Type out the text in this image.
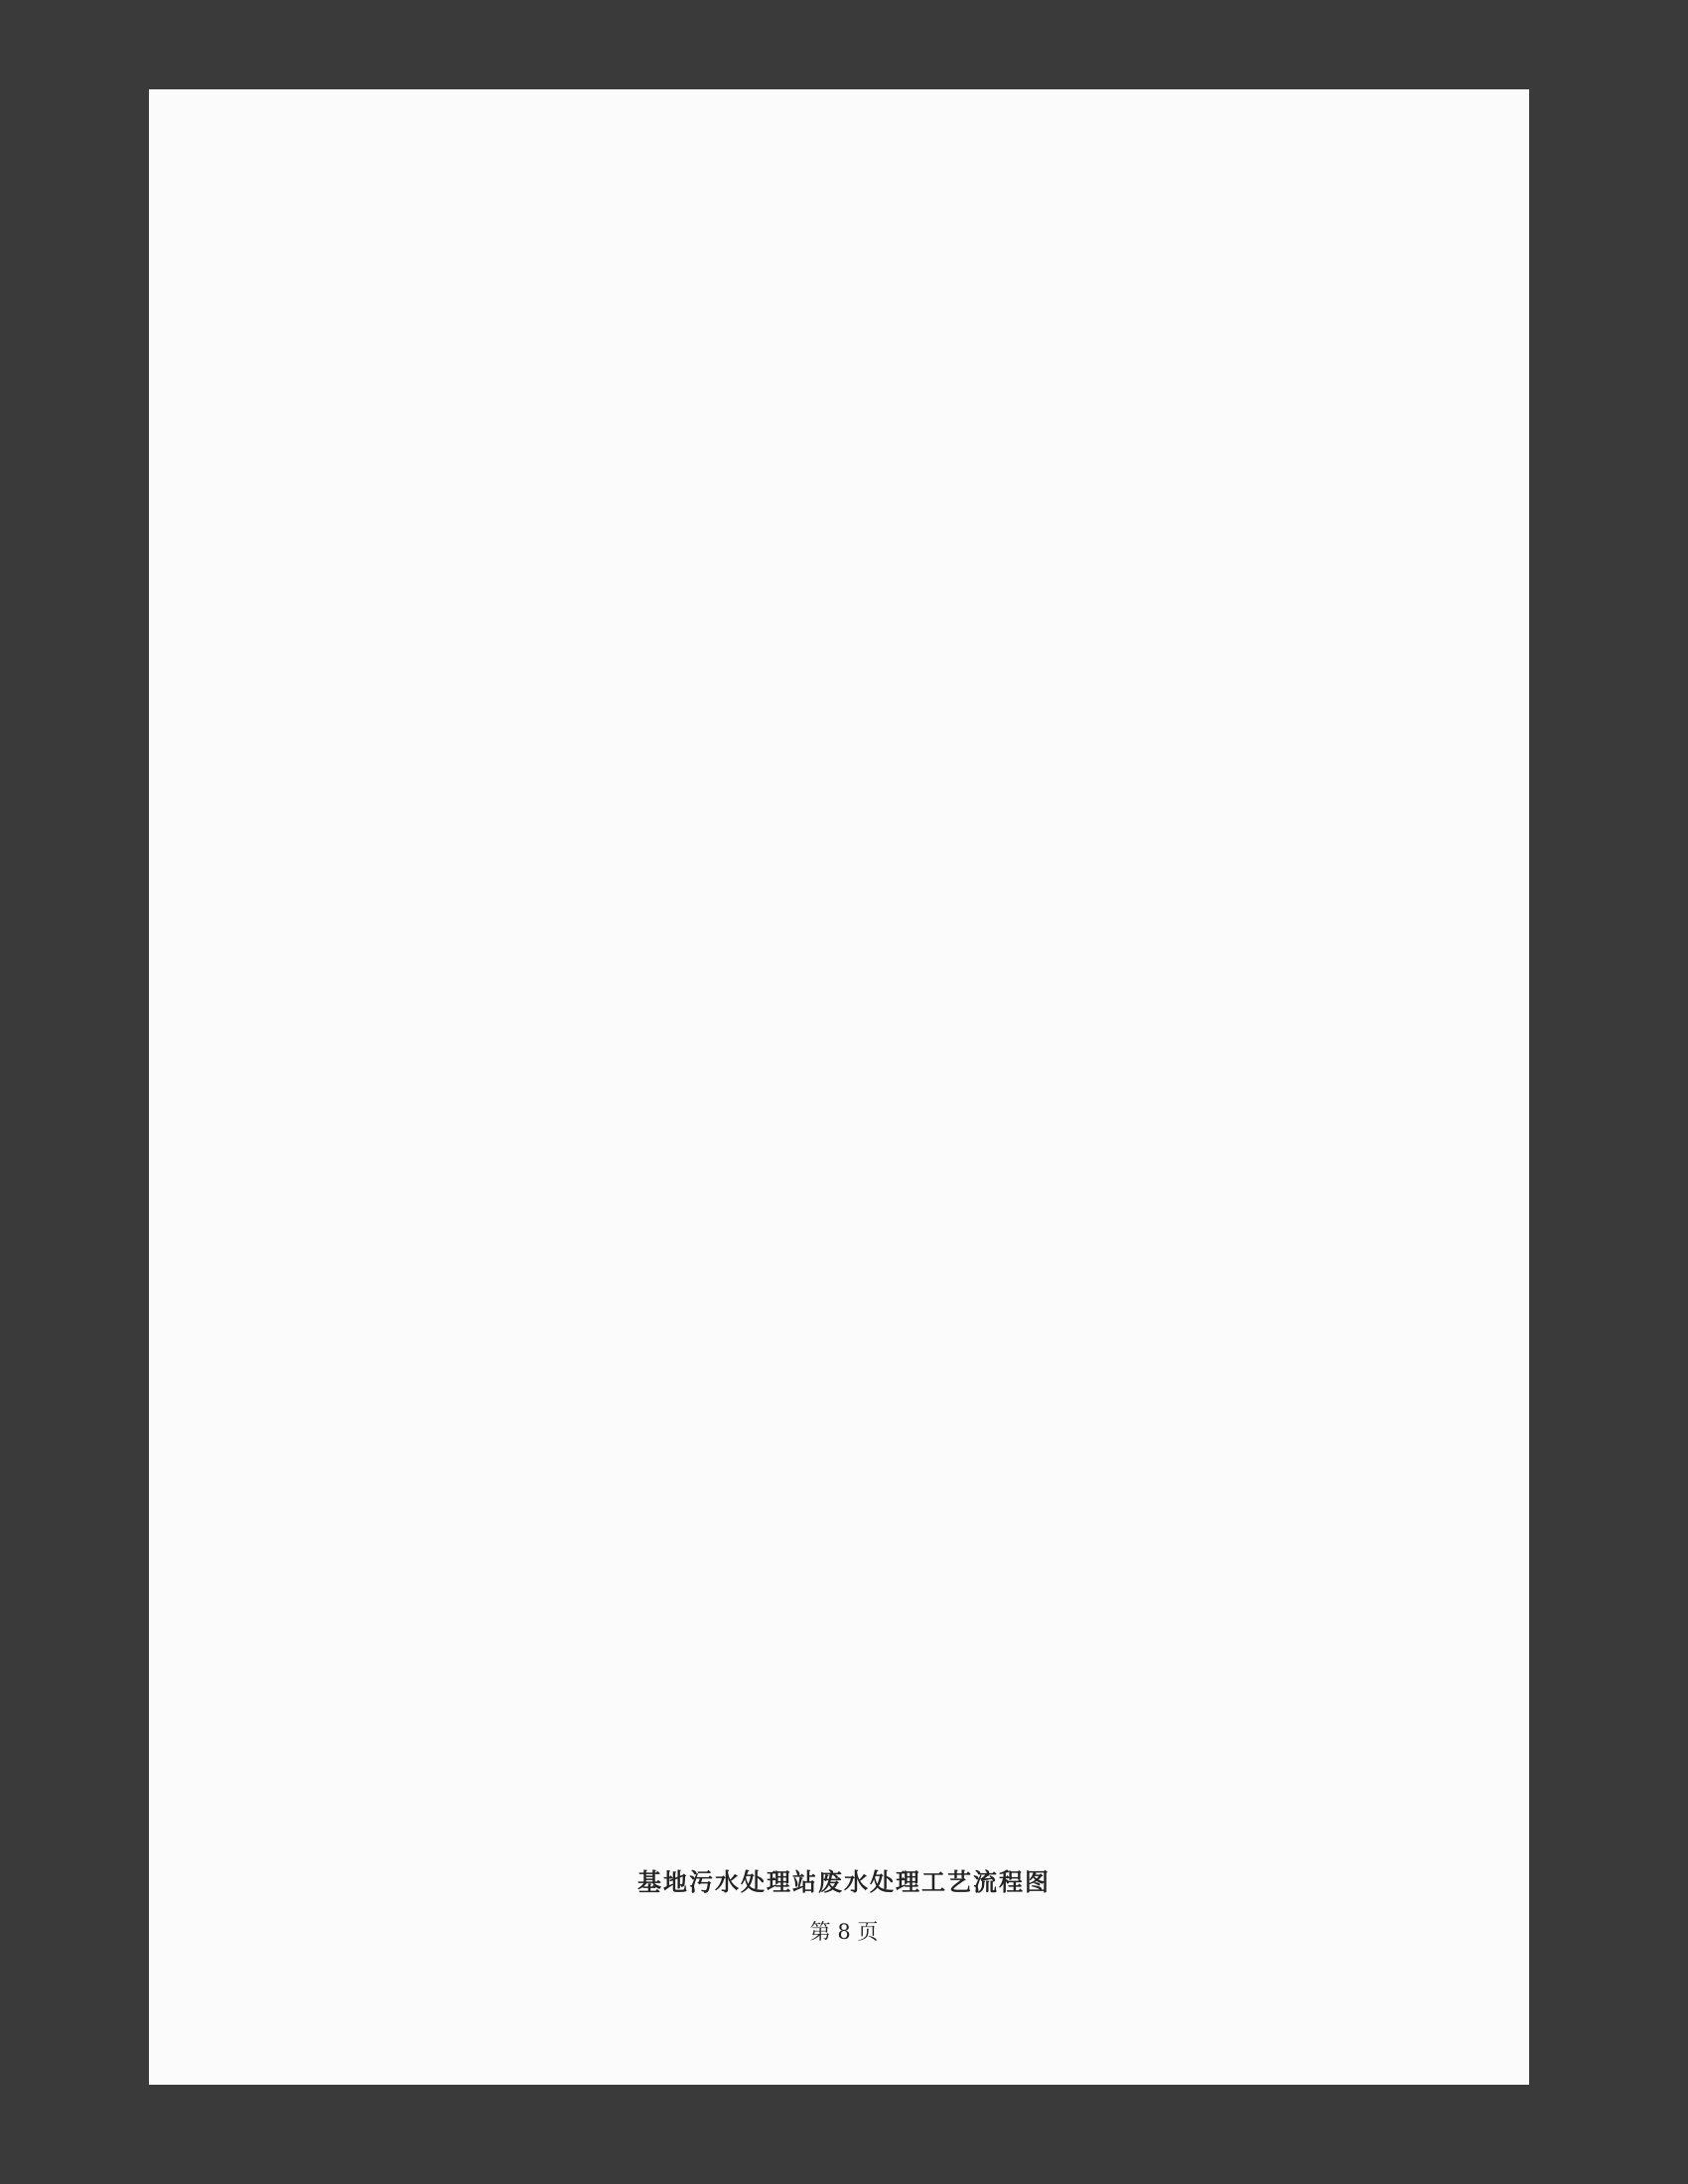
基地污水处理站废水处理工艺流程图
第 8 页
